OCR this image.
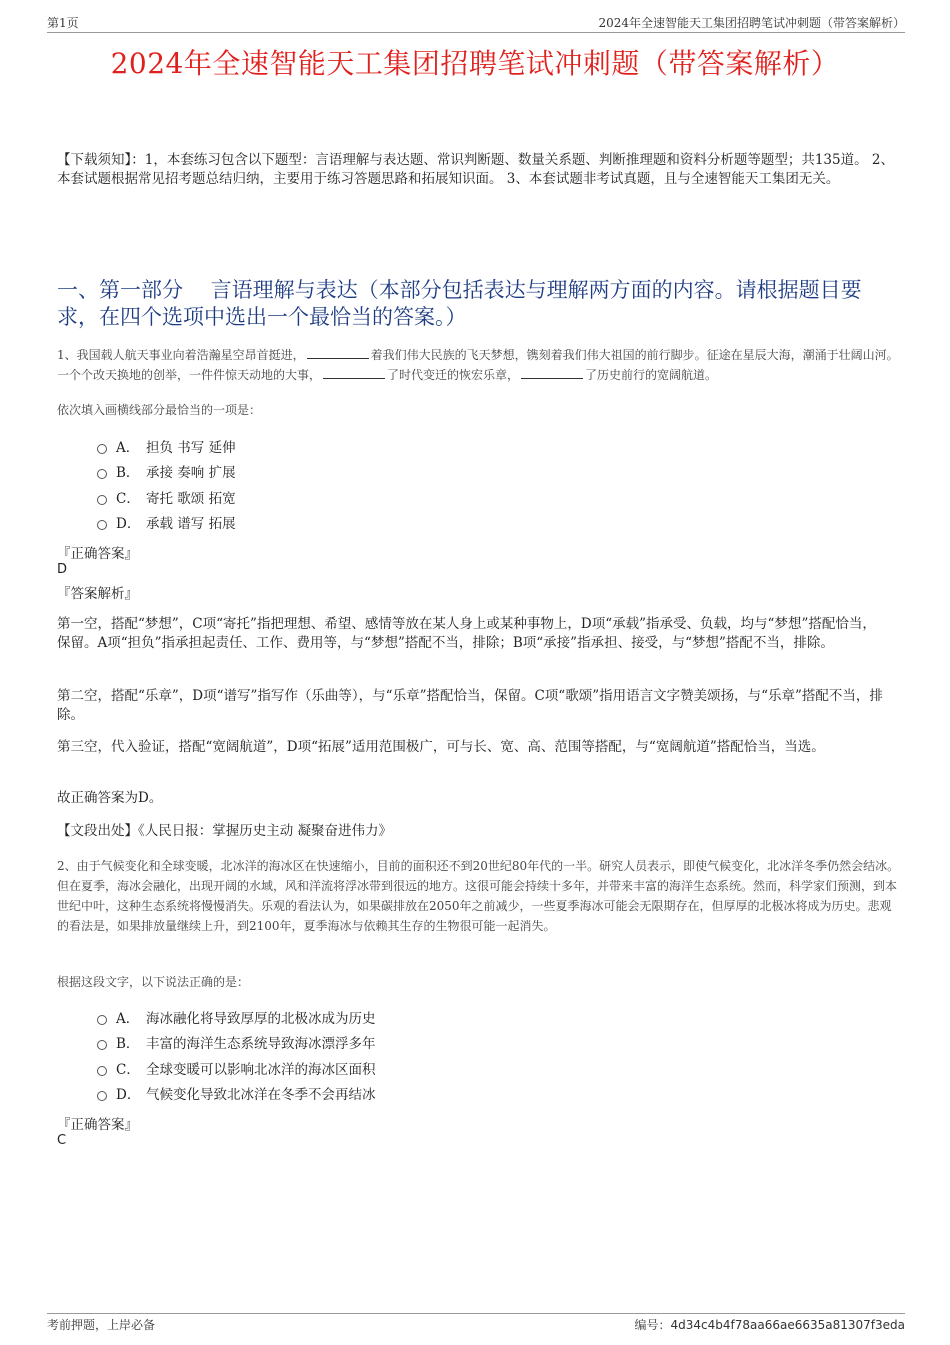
第1页	2024年全速智能天工集团招聘笔试冲刺题（带答案解析）
2024年全速智能天工集团招聘笔试冲刺题（带答案解析）
【下载须知】：1，本套练习包含以下题型：言语理解与表达题、常识判断题、数量关系题、判断推理题和资料分析题等题型；共135道。 2、本套试题根据常见招考题总结归纳，主要用于练习答题思路和拓展知识面。 3、本套试题非考试真题，且与全速智能天工集团无关。
一、第一部分　 言语理解与表达（本部分包括表达与理解两方面的内容。请根据题目要求，在四个选项中选出一个最恰当的答案。）
1、我国载人航天事业向着浩瀚星空昂首挺进，	着我们伟大民族的飞天梦想，镌刻着我们伟大祖国的前行脚步。征途在星辰大海，潮涌于壮阔山河。一个个改天换地的创举，一件件惊天动地的大事，	了时代变迁的恢宏乐章，	了历史前行的宽阔航道。
依次填入画横线部分最恰当的一项是：
A． 担负 书写 延伸
B． 承接 奏响 扩展
C． 寄托 歌颂 拓宽
D． 承载 谱写 拓展
『正确答案』
D
『答案解析』
第一空，搭配“梦想”，C项“寄托”指把理想、希望、感情等放在某人身上或某种事物上，D项“承载”指承受、负载，均与“梦想”搭配恰当，保留。A项“担负”指承担起责任、工作、费用等，与“梦想”搭配不当，排除；B项“承接”指承担、接受，与“梦想”搭配不当，排除。
第二空，搭配“乐章”，D项“谱写”指写作（乐曲等），与“乐章”搭配恰当，保留。C项“歌颂”指用语言文字赞美颂扬，与“乐章”搭配不当，排除。
第三空，代入验证，搭配“宽阔航道”，D项“拓展”适用范围极广，可与长、宽、高、范围等搭配，与“宽阔航道”搭配恰当，当选。
故正确答案为D。
【文段出处】《人民日报：掌握历史主动 凝聚奋进伟力》
2、由于气候变化和全球变暖，北冰洋的海冰区在快速缩小，目前的面积还不到20世纪80年代的一半。研究人员表示，即使气候变化，北冰洋冬季仍然会结冰。但在夏季，海冰会融化，出现开阔的水域，风和洋流将浮冰带到很远的地方。这很可能会持续十多年，并带来丰富的海洋生态系统。然而，科学家们预测，到本世纪中叶，这种生态系统将慢慢消失。乐观的看法认为，如果碳排放在2050年之前减少，一些夏季海冰可能会无限期存在，但厚厚的北极冰将成为历史。悲观的看法是，如果排放量继续上升，到2100年，夏季海冰与依赖其生存的生物很可能一起消失。
根据这段文字，以下说法正确的是：
A． 海冰融化将导致厚厚的北极冰成为历史
B． 丰富的海洋生态系统导致海冰漂浮多年
C． 全球变暖可以影响北冰洋的海冰区面积
D． 气候变化导致北冰洋在冬季不会再结冰
『正确答案』
C
考前押题，上岸必备	编号：4d34c4b4f78aa66ae6635a81307f3eda
